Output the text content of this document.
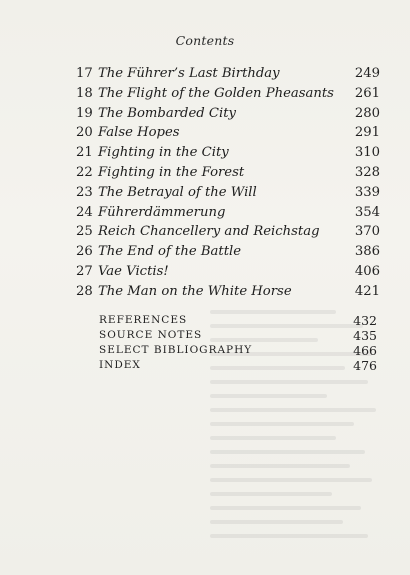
Contents
17 The Führer’s Last Birthday	249
18 The Flight of the Golden Pheasants 261
19 The Bombarded City	280
20 False Hopes	291
21 Fighting in the City	310
22 Fighting in the Forest	328
23 The Betrayal of the Will	339
24 Führerdämmerung	354
25 Reich Chancellery and Reichstag	370
26 The End of the Battle	386
27 Vae Victis!	406
28 The Man on the White Horse	421
REFERENCES	432
SOURCE NOTES	435
SELECT BIBLIOGRAPHY	466
INDEX	476
